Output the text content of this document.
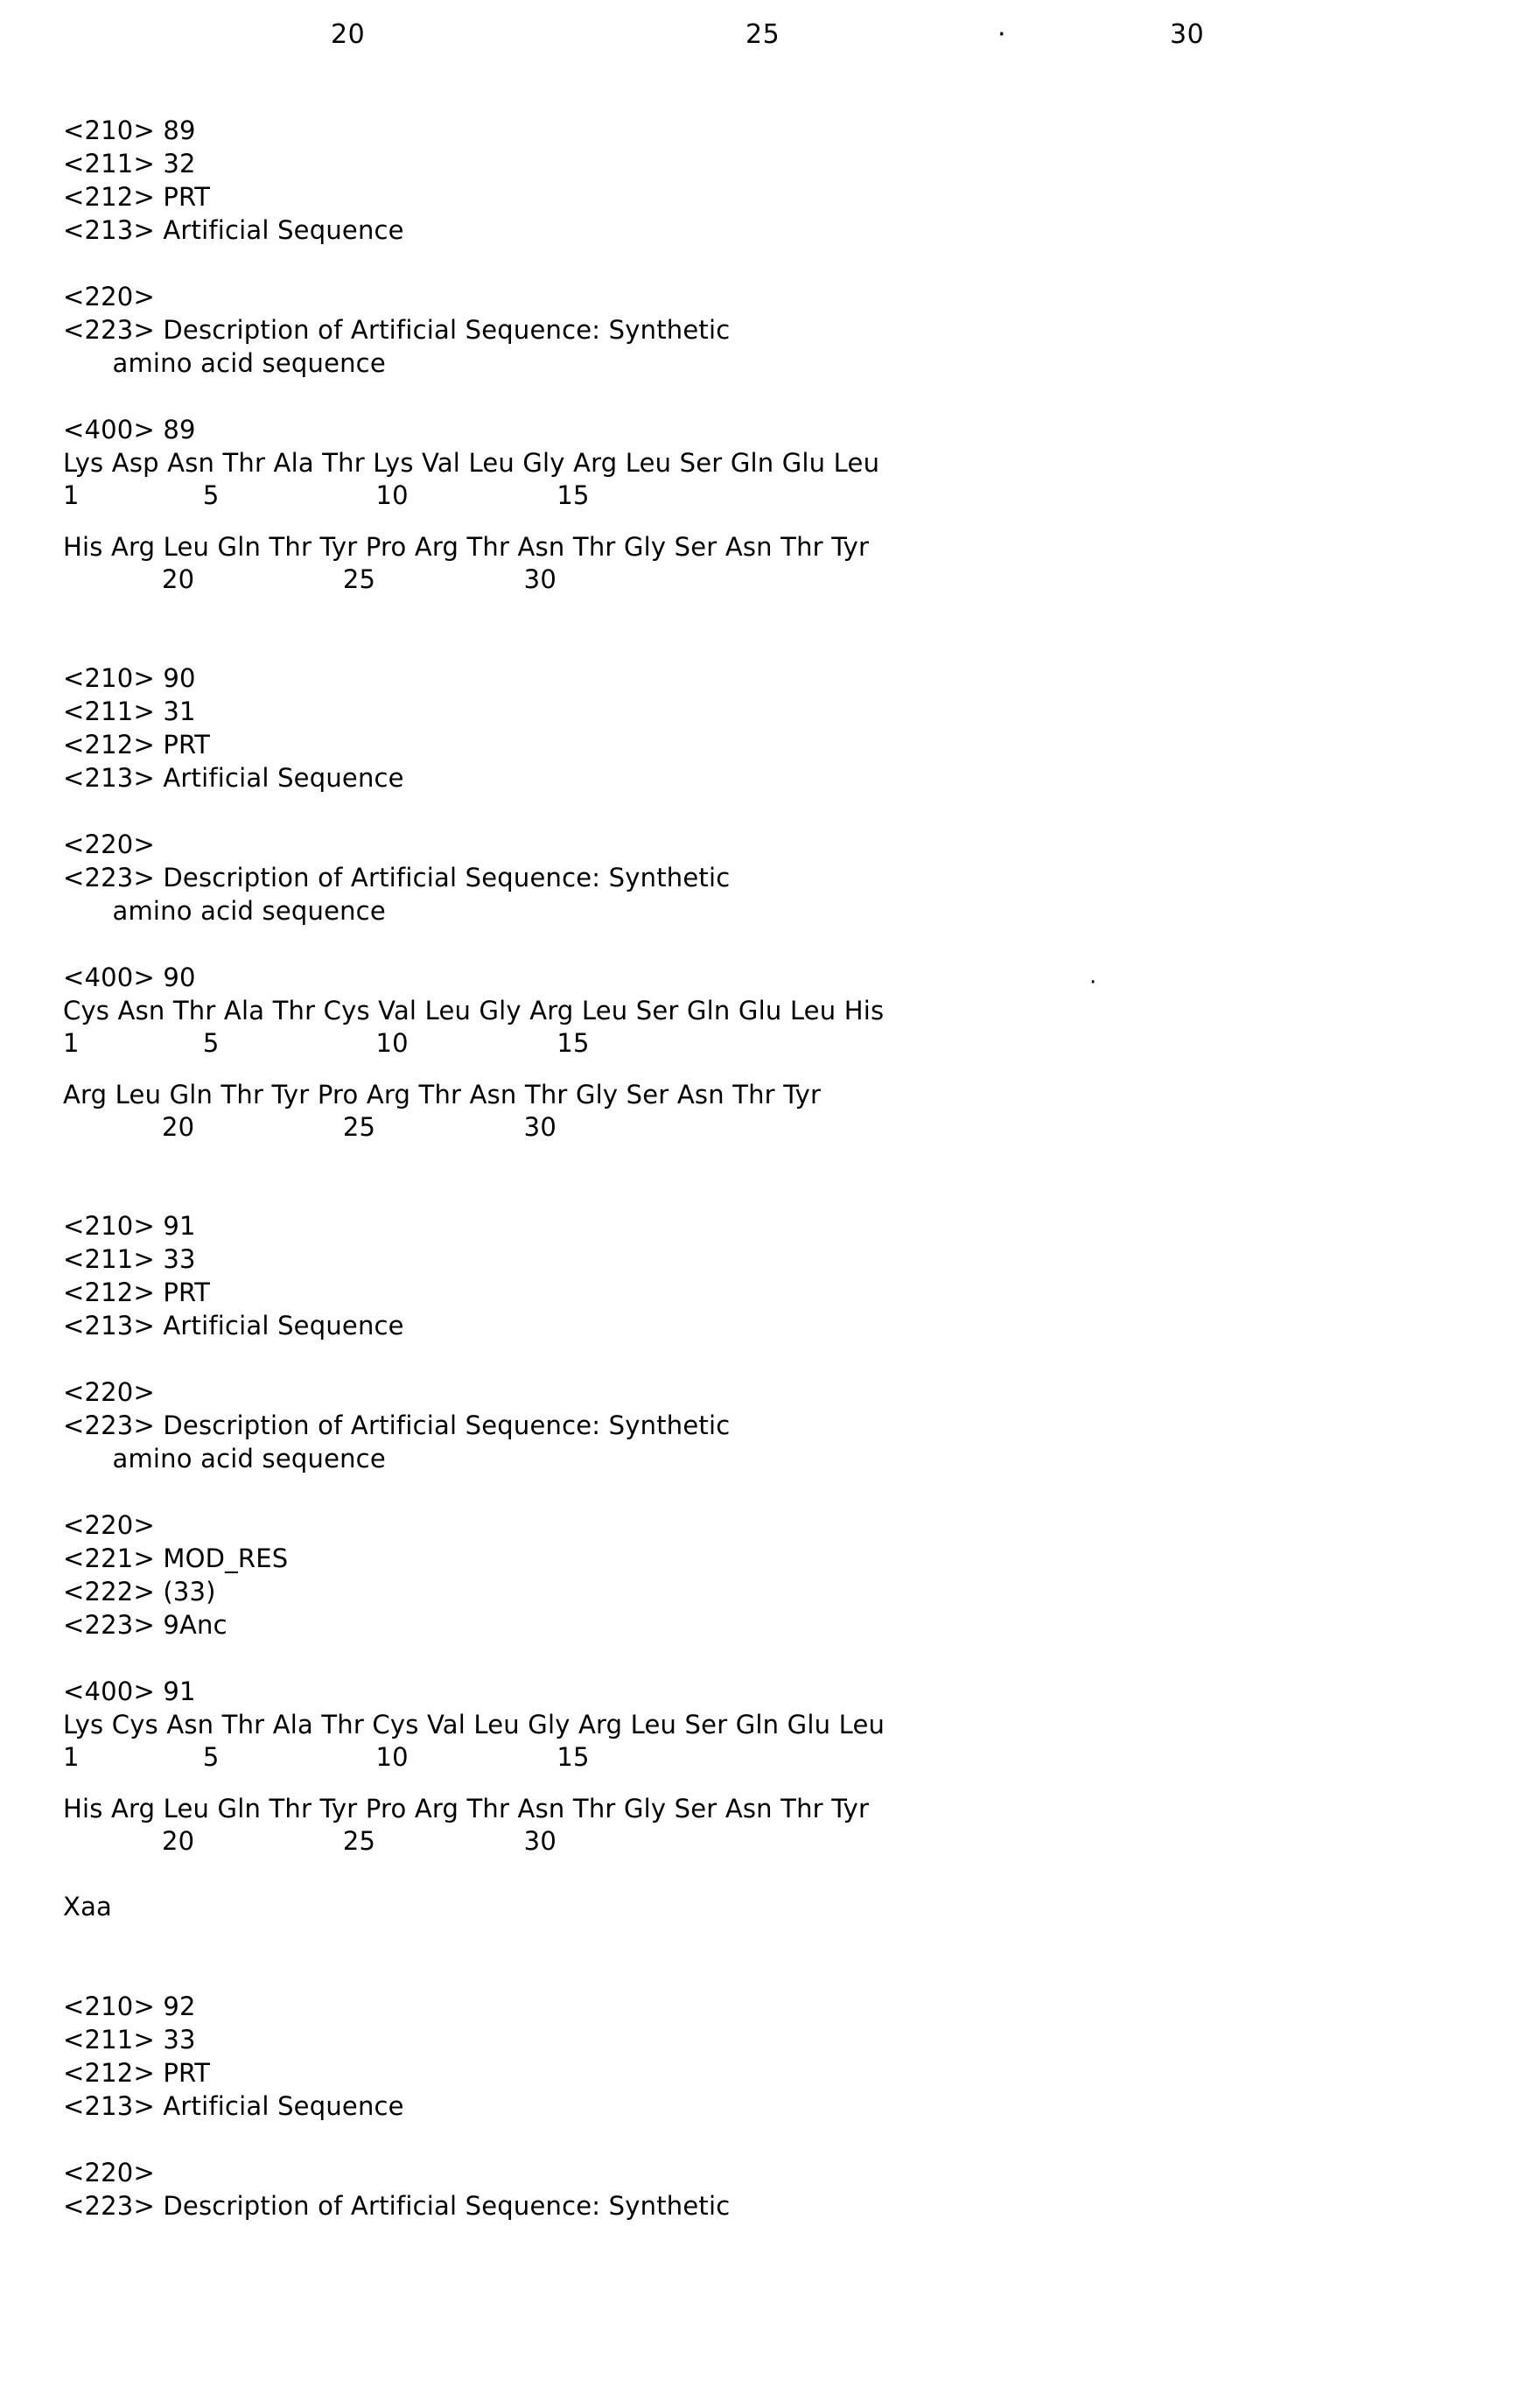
20	25	·	30
<210> 89
<211> 32
<212> PRT
<213> Artificial Sequence
<220>
<223> Description of Artificial Sequence: Synthetic
amino acid sequence
<400> 89
Lys Asp Asn Thr Ala Thr Lys Val Leu Gly Arg Leu Ser Gln Glu Leu
1               5                   10                  15
His Arg Leu Gln Thr Tyr Pro Arg Thr Asn Thr Gly Ser Asn Thr Tyr
20                  25                  30
<210> 90
<211> 31
<212> PRT
<213> Artificial Sequence
<220>
<223> Description of Artificial Sequence: Synthetic
amino acid sequence
<400> 90
Cys Asn Thr Ala Thr Cys Val Leu Gly Arg Leu Ser Gln Glu Leu His
1               5                   10                  15
Arg Leu Gln Thr Tyr Pro Arg Thr Asn Thr Gly Ser Asn Thr Tyr
20                  25                  30
<210> 91
<211> 33
<212> PRT
<213> Artificial Sequence
<220>
<223> Description of Artificial Sequence: Synthetic
amino acid sequence
<220>
<221> MOD_RES
<222> (33)
<223> 9Anc
<400> 91
Lys Cys Asn Thr Ala Thr Cys Val Leu Gly Arg Leu Ser Gln Glu Leu
1               5                   10                  15
His Arg Leu Gln Thr Tyr Pro Arg Thr Asn Thr Gly Ser Asn Thr Tyr
20                  25                  30
Xaa
<210> 92
<211> 33
<212> PRT
<213> Artificial Sequence
<220>
<223> Description of Artificial Sequence: Synthetic
·
